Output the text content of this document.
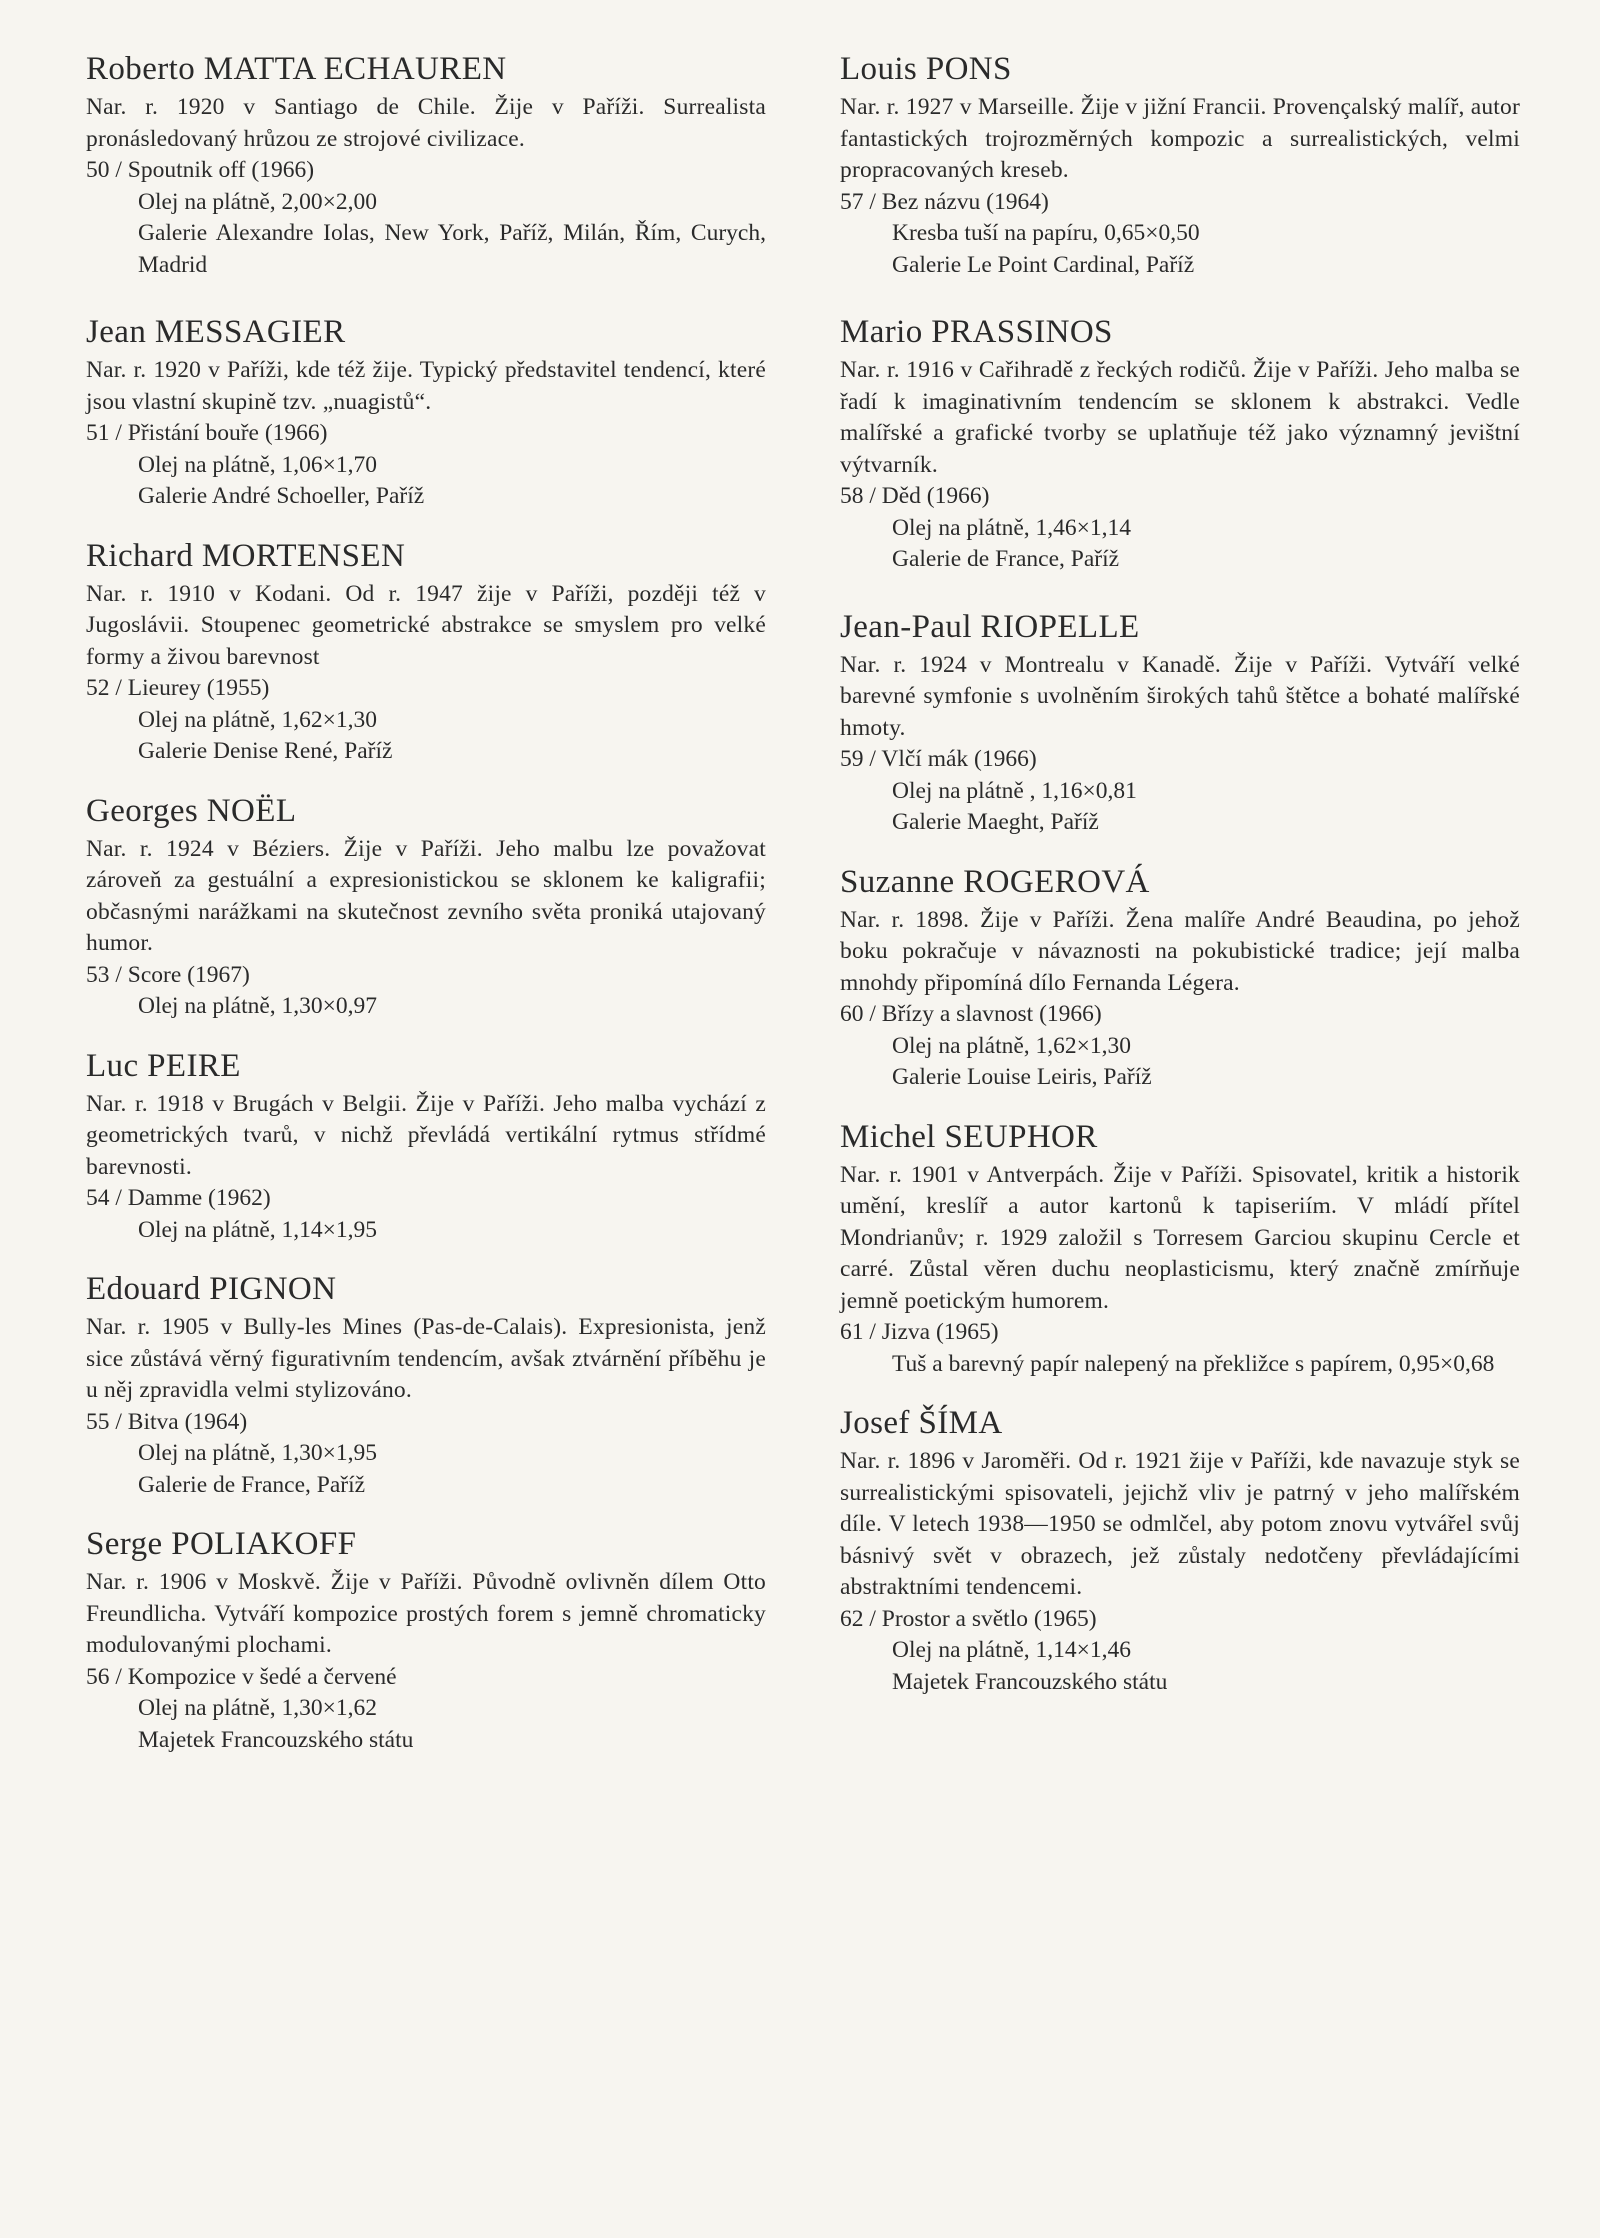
Roberto MATTA ECHAUREN

Nar. r. 1920 v Santiago de Chile. Žije v Paříži. Surrealista pronásledovaný hrůzou ze strojové civilizace.

50 / Spoutnik off (1966)

Olej na plátně, 2,00×2,00

Galerie Alexandre Iolas, New York, Paříž, Milán, Řím, Curych, Madrid

Jean MESSAGIER

Nar. r. 1920 v Paříži, kde též žije. Typický představitel tendencí, které jsou vlastní skupině tzv. „nuagistů“.

51 / Přistání bouře (1966)

Olej na plátně, 1,06×1,70

Galerie André Schoeller, Paříž

Richard MORTENSEN

Nar. r. 1910 v Kodani. Od r. 1947 žije v Paříži, později též v Jugoslávii. Stoupenec geometrické abstrakce se smyslem pro velké formy a živou barevnost

52 / Lieurey (1955)

Olej na plátně, 1,62×1,30

Galerie Denise René, Paříž

Georges NOËL

Nar. r. 1924 v Béziers. Žije v Paříži. Jeho malbu lze považovat zároveň za gestuální a expresionistickou se sklonem ke kaligrafii; občasnými narážkami na skutečnost zevního světa proniká utajovaný humor.

53 / Score (1967)

Olej na plátně, 1,30×0,97

Luc PEIRE

Nar. r. 1918 v Brugách v Belgii. Žije v Paříži. Jeho malba vychází z geometrických tvarů, v nichž převládá vertikální rytmus střídmé barevnosti.

54 / Damme (1962)

Olej na plátně, 1,14×1,95

Edouard PIGNON

Nar. r. 1905 v Bully-les Mines (Pas-de-Calais). Expresionista, jenž sice zůstává věrný figurativním tendencím, avšak ztvárnění příběhu je u něj zpravidla velmi stylizováno.

55 / Bitva (1964)

Olej na plátně, 1,30×1,95

Galerie de France, Paříž

Serge POLIAKOFF

Nar. r. 1906 v Moskvě. Žije v Paříži. Původně ovlivněn dílem Otto Freundlicha. Vytváří kompozice prostých forem s jemně chromaticky modulovanými plochami.

56 / Kompozice v šedé a červené

Olej na plátně, 1,30×1,62

Majetek Francouzského státu

Louis PONS

Nar. r. 1927 v Marseille. Žije v jižní Francii. Provençalský malíř, autor fantastických trojrozměrných kompozic a surrealistických, velmi propracovaných kreseb.

57 / Bez názvu (1964)

Kresba tuší na papíru, 0,65×0,50

Galerie Le Point Cardinal, Paříž

Mario PRASSINOS

Nar. r. 1916 v Cařihradě z řeckých rodičů. Žije v Paříži. Jeho malba se řadí k imaginativním tendencím se sklonem k abstrakci. Vedle malířské a grafické tvorby se uplatňuje též jako významný jevištní výtvarník.

58 / Děd (1966)

Olej na plátně, 1,46×1,14

Galerie de France, Paříž

Jean-Paul RIOPELLE

Nar. r. 1924 v Montrealu v Kanadě. Žije v Paříži. Vytváří velké barevné symfonie s uvolněním širokých tahů štětce a bohaté malířské hmoty.

59 / Vlčí mák (1966)

Olej na plátně , 1,16×0,81

Galerie Maeght, Paříž

Suzanne ROGEROVÁ

Nar. r. 1898. Žije v Paříži. Žena malíře André Beaudina, po jehož boku pokračuje v návaznosti na pokubistické tradice; její malba mnohdy připomíná dílo Fernanda Légera.

60 / Břízy a slavnost (1966)

Olej na plátně, 1,62×1,30

Galerie Louise Leiris, Paříž

Michel SEUPHOR

Nar. r. 1901 v Antverpách. Žije v Paříži. Spisovatel, kritik a historik umění, kreslíř a autor kartonů k tapiseriím. V mládí přítel Mondrianův; r. 1929 založil s Torresem Garciou skupinu Cercle et carré. Zůstal věren duchu neoplasticismu, který značně zmírňuje jemně poetickým humorem.

61 / Jizva (1965)

Tuš a barevný papír nalepený na překližce s papírem, 0,95×0,68

Josef ŠÍMA

Nar. r. 1896 v Jaroměři. Od r. 1921 žije v Paříži, kde navazuje styk se surrealistickými spisovateli, jejichž vliv je patrný v jeho malířském díle. V letech 1938—1950 se odmlčel, aby potom znovu vytvářel svůj básnivý svět v obrazech, jež zůstaly nedotčeny převládajícími abstraktními tendencemi.

62 / Prostor a světlo (1965)

Olej na plátně, 1,14×1,46

Majetek Francouzského státu
